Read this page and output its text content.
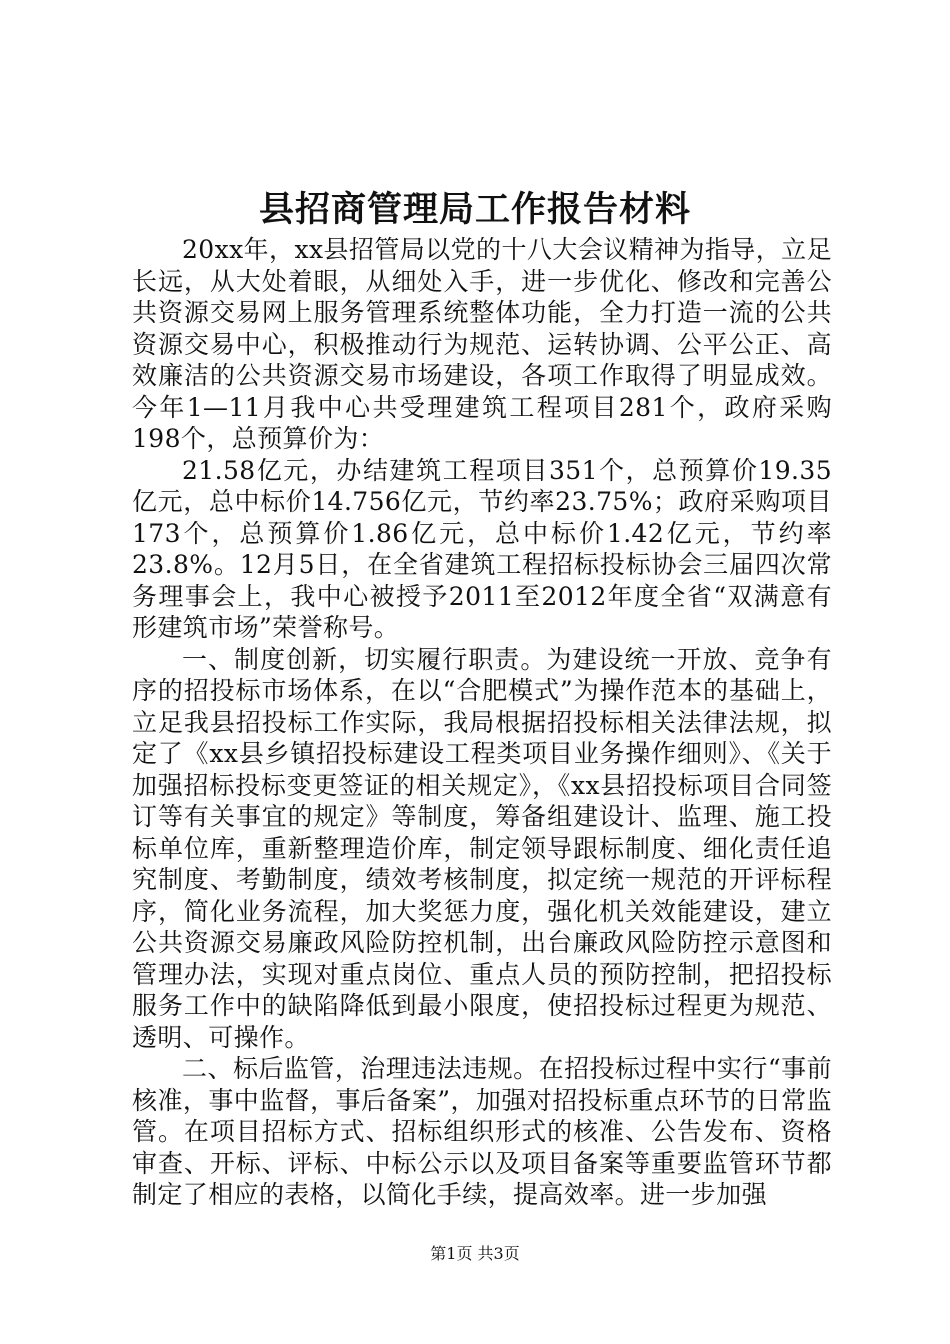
县招商管理局工作报告材料

20xx年，xx县招管局以党的十八大会议精神为指导，立足长远，从大处着眼，从细处入手，进一步优化、修改和完善公共资源交易网上服务管理系统整体功能，全力打造一流的公共资源交易中心，积极推动行为规范、运转协调、公平公正、高效廉洁的公共资源交易市场建设，各项工作取得了明显成效。今年1—11月我中心共受理建筑工程项目281个，政府采购198个，总预算价为：

21.58亿元，办结建筑工程项目351个，总预算价19.35亿元，总中标价14.756亿元，节约率23.75%；政府采购项目173个，总预算价1.86亿元，总中标价1.42亿元，节约率23.8%。12月5日，在全省建筑工程招标投标协会三届四次常务理事会上，我中心被授予2011至2012年度全省“双满意有形建筑市场”荣誉称号。

一、制度创新，切实履行职责。为建设统一开放、竞争有序的招投标市场体系，在以“合肥模式”为操作范本的基础上，立足我县招投标工作实际，我局根据招投标相关法律法规，拟定了《xx县乡镇招投标建设工程类项目业务操作细则》、《关于加强招标投标变更签证的相关规定》，《xx县招投标项目合同签订等有关事宜的规定》等制度，筹备组建设计、监理、施工投标单位库，重新整理造价库，制定领导跟标制度、细化责任追究制度、考勤制度，绩效考核制度，拟定统一规范的开评标程序，简化业务流程，加大奖惩力度，强化机关效能建设，建立公共资源交易廉政风险防控机制，出台廉政风险防控示意图和管理办法，实现对重点岗位、重点人员的预防控制，把招投标服务工作中的缺陷降低到最小限度，使招投标过程更为规范、透明、可操作。

二、标后监管，治理违法违规。在招投标过程中实行“事前核准，事中监督，事后备案”，加强对招投标重点环节的日常监管。在项目招标方式、招标组织形式的核准、公告发布、资格审查、开标、评标、中标公示以及项目备案等重要监管环节都制定了相应的表格，以简化手续，提高效率。进一步加强

第1页 共3页
